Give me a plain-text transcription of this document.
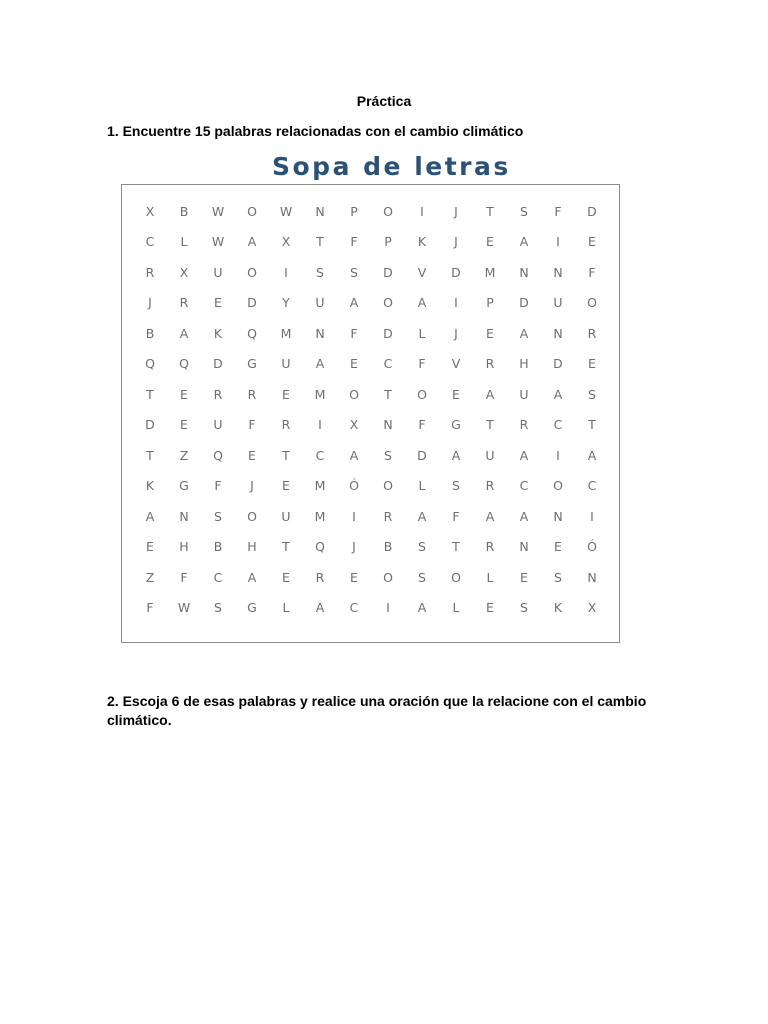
Práctica
1. Encuentre 15 palabras relacionadas con el cambio climático
Sopa de letras
X	B	W	O	W	N	P	O	I	J	T	S	F	D
C	L	W	A	X	T	F	P	K	J	E	A	I	E
R	X	U	O	I	S	S	D	V	D	M	N	N	F
J	R	E	D	Y	U	A	O	A	I	P	D	U	O
B	A	K	Q	M	N	F	D	L	J	E	A	N	R
Q	Q	D	G	U	A	E	C	F	V	R	H	D	E
T	E	R	R	E	M	O	T	O	E	A	U	A	S
D	E	U	F	R	I	X	N	F	G	T	R	C	T
T	Z	Q	E	T	C	A	S	D	A	U	A	I	A
K	G	F	J	E	M	Ó	O	L	S	R	C	O	C
A	N	S	O	U	M	I	R	A	F	A	A	N	I
E	H	B	H	T	Q	J	B	S	T	R	N	E	Ó
Z	F	C	A	E	R	E	O	S	O	L	E	S	N
F	W	S	G	L	A	C	I	A	L	E	S	K	X
2. Escoja 6 de esas palabras y realice una oración que la relacione con el cambio climático.
